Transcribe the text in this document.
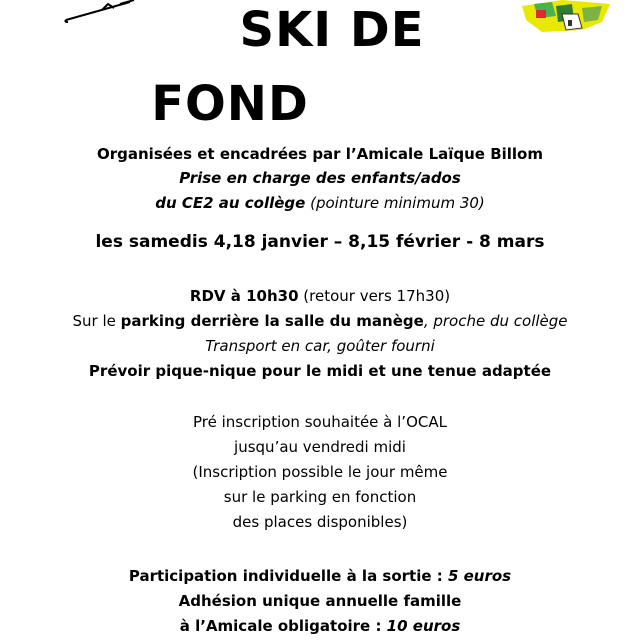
SKI DE
FOND
Organisées et encadrées par l’Amicale Laïque Billom
Prise en charge des enfants/ados
du CE2 au collège (pointure minimum 30)
les samedis 4,18 janvier – 8,15 février - 8 mars
RDV à 10h30 (retour vers 17h30)
Sur le parking derrière la salle du manège, proche du collège
Transport en car, goûter fourni
Prévoir pique-nique pour le midi et une tenue adaptée
Pré inscription souhaitée à l’OCAL
jusqu’au vendredi midi
(Inscription possible le jour même
sur le parking en fonction
des places disponibles)
Participation individuelle à la sortie : 5 euros
Adhésion unique annuelle famille
à l’Amicale obligatoire : 10 euros
